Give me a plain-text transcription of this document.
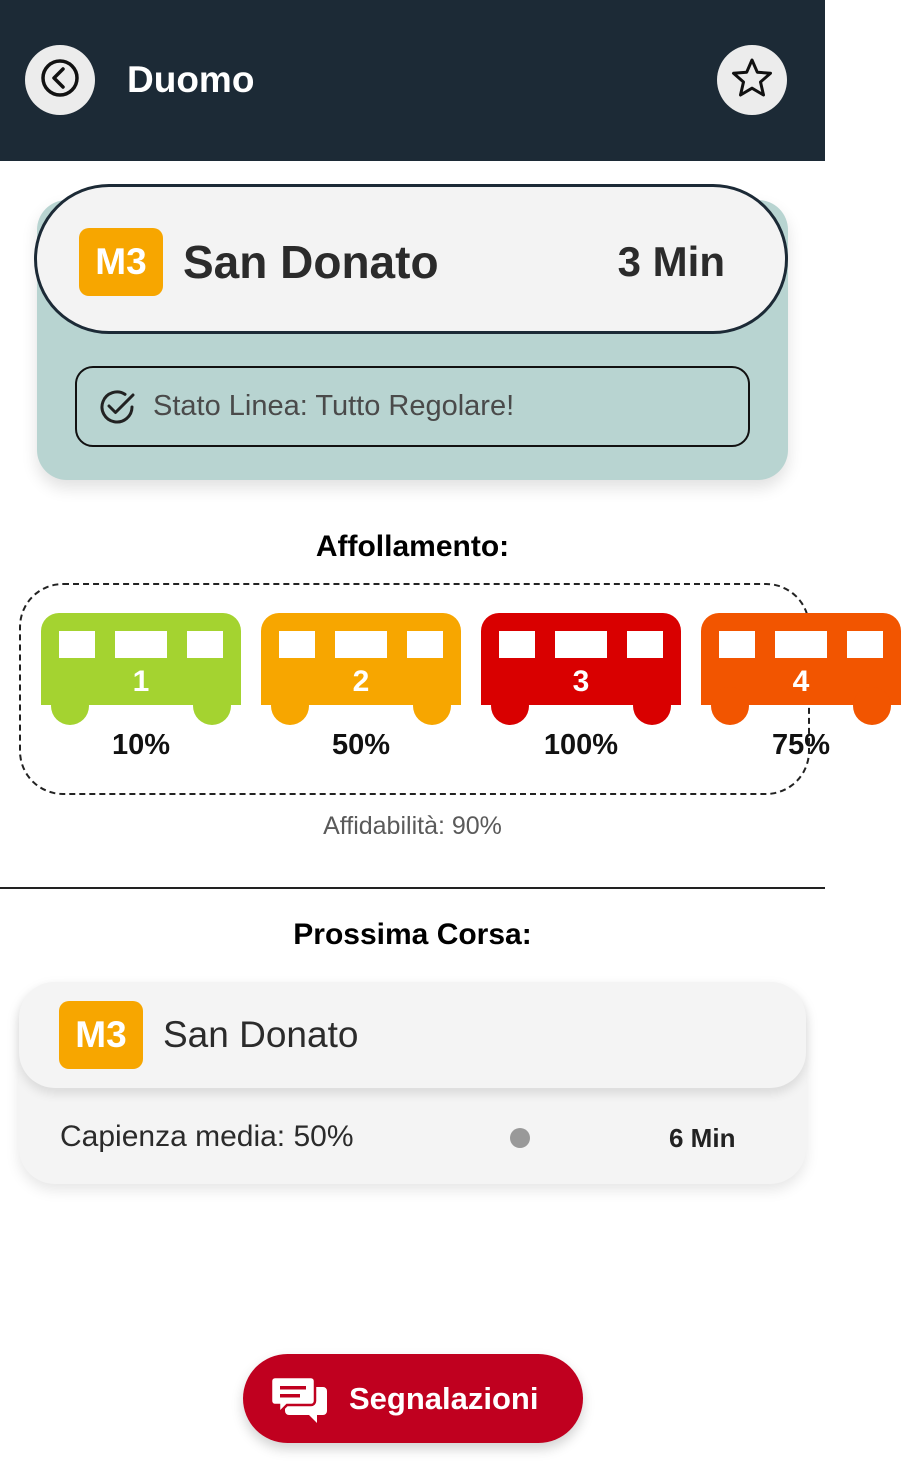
Duomo
M3 San Donato	3 Min
Stato Linea: Tutto Regolare!
Affollamento:
1
10%
2
50%
3
100%
4
75%
Affidabilità: 90%
Prossima Corsa:
M3 San Donato
Capienza media: 50%	6 Min
Segnalazioni
